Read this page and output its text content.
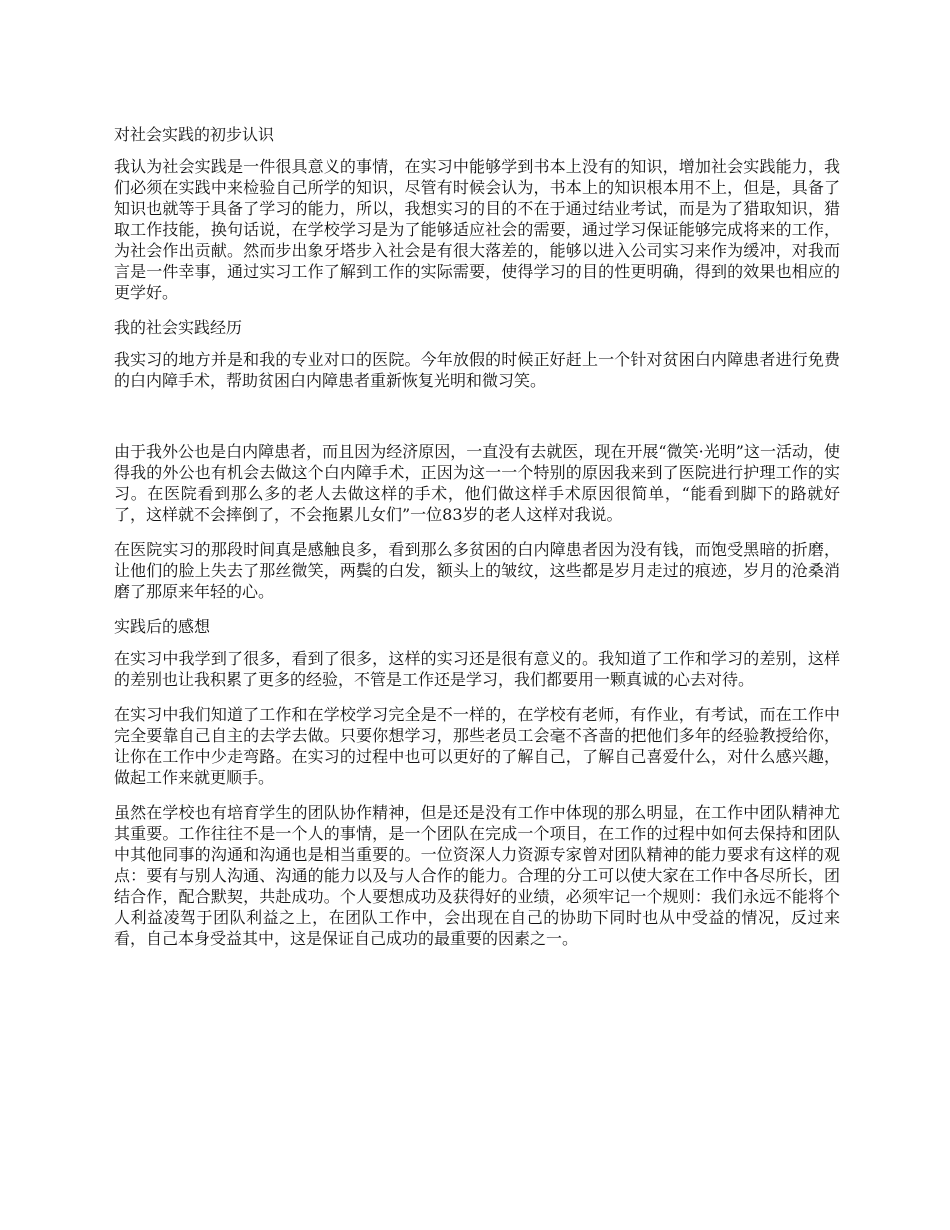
对社会实践的初步认识

我认为社会实践是一件很具意义的事情，在实习中能够学到书本上没有的知识，增加社会实践能力，我们必须在实践中来检验自己所学的知识，尽管有时候会认为，书本上的知识根本用不上，但是，具备了知识也就等于具备了学习的能力，所以，我想实习的目的不在于通过结业考试，而是为了猎取知识，猎取工作技能，换句话说，在学校学习是为了能够适应社会的需要，通过学习保证能够完成将来的工作，为社会作出贡献。然而步出象牙塔步入社会是有很大落差的，能够以进入公司实习来作为缓冲，对我而言是一件幸事，通过实习工作了解到工作的实际需要，使得学习的目的性更明确，得到的效果也相应的更学好。

我的社会实践经历

我实习的地方并是和我的专业对口的医院。今年放假的时候正好赶上一个针对贫困白内障患者进行免费的白内障手术，帮助贫困白内障患者重新恢复光明和微习笑。

由于我外公也是白内障患者，而且因为经济原因，一直没有去就医，现在开展“微笑·光明”这一活动，使得我的外公也有机会去做这个白内障手术，正因为这一一个特别的原因我来到了医院进行护理工作的实习。在医院看到那么多的老人去做这样的手术，他们做这样手术原因很简单，“能看到脚下的路就好了，这样就不会摔倒了，不会拖累儿女们”一位83岁的老人这样对我说。

在医院实习的那段时间真是感触良多，看到那么多贫困的白内障患者因为没有钱，而饱受黑暗的折磨，让他们的脸上失去了那丝微笑，两鬓的白发，额头上的皱纹，这些都是岁月走过的痕迹，岁月的沧桑消磨了那原来年轻的心。

实践后的感想

在实习中我学到了很多，看到了很多，这样的实习还是很有意义的。我知道了工作和学习的差别，这样的差别也让我积累了更多的经验，不管是工作还是学习，我们都要用一颗真诚的心去对待。

在实习中我们知道了工作和在学校学习完全是不一样的，在学校有老师，有作业，有考试，而在工作中完全要靠自己自主的去学去做。只要你想学习，那些老员工会毫不吝啬的把他们多年的经验教授给你，让你在工作中少走弯路。在实习的过程中也可以更好的了解自己，了解自己喜爱什么，对什么感兴趣，做起工作来就更顺手。

虽然在学校也有培育学生的团队协作精神，但是还是没有工作中体现的那么明显，在工作中团队精神尤其重要。工作往往不是一个人的事情，是一个团队在完成一个项目，在工作的过程中如何去保持和团队中其他同事的沟通和沟通也是相当重要的。一位资深人力资源专家曾对团队精神的能力要求有这样的观点：要有与别人沟通、沟通的能力以及与人合作的能力。合理的分工可以使大家在工作中各尽所长，团结合作，配合默契，共赴成功。个人要想成功及获得好的业绩，必须牢记一个规则：我们永远不能将个人利益凌驾于团队利益之上，在团队工作中，会出现在自己的协助下同时也从中受益的情况，反过来看，自己本身受益其中，这是保证自己成功的最重要的因素之一。
